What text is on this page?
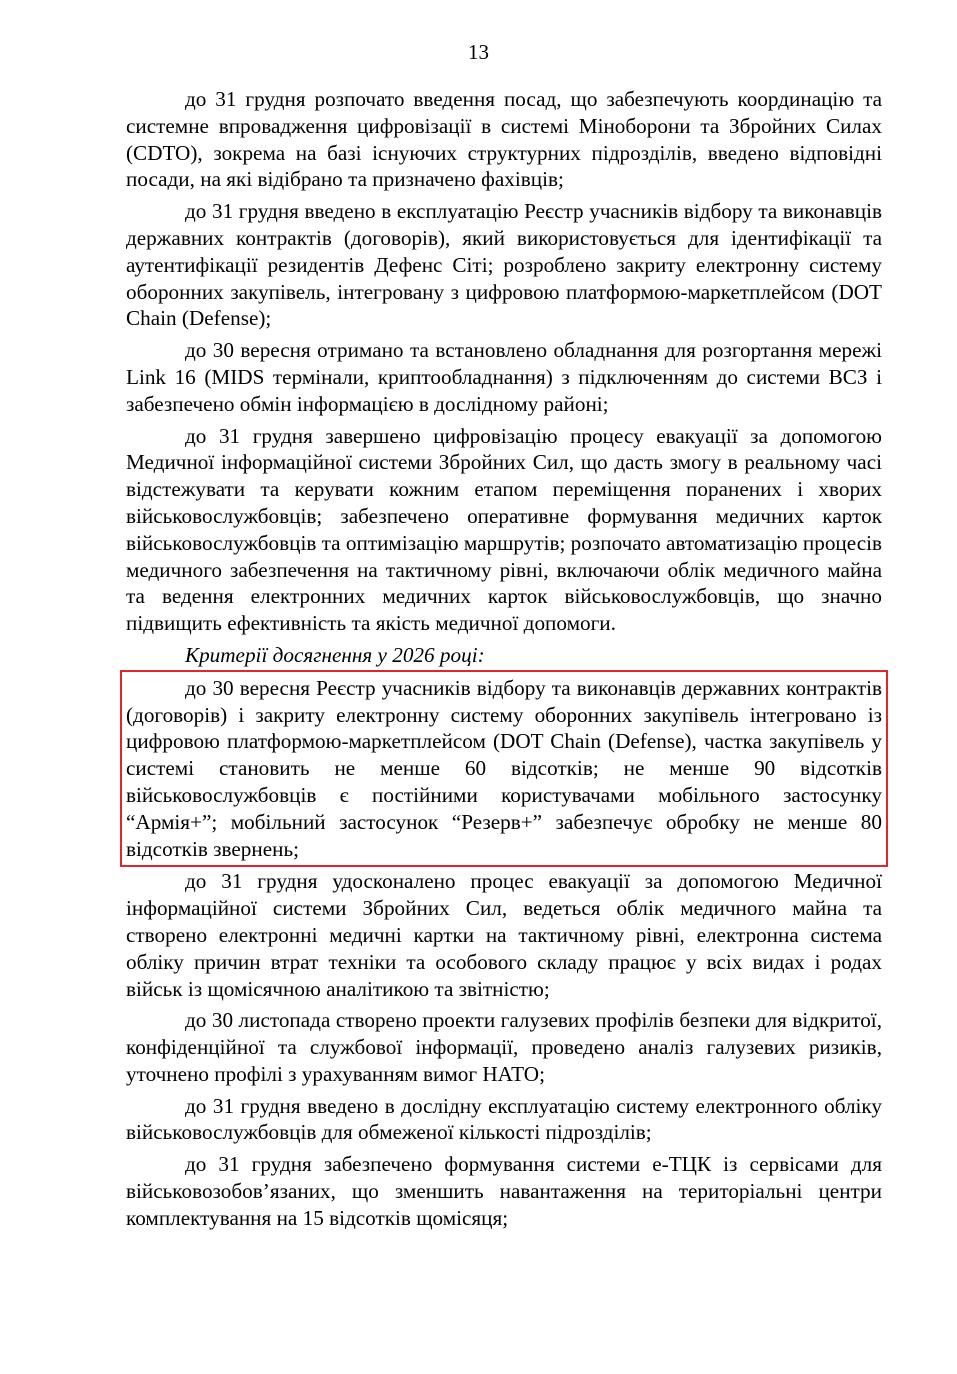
13

до 31 грудня розпочато введення посад, що забезпечують координацію та системне впровадження цифровізації в системі Міноборони та Збройних Силах (CDTO), зокрема на базі існуючих структурних підрозділів, введено відповідні посади, на які відібрано та призначено фахівців;

до 31 грудня введено в експлуатацію Реєстр учасників відбору та виконавців державних контрактів (договорів), який використовується для ідентифікації та аутентифікації резидентів Дефенс Сіті; розроблено закриту електронну систему оборонних закупівель, інтегровану з цифровою платформою-маркетплейсом (DOT Chain (Defense);

до 30 вересня отримано та встановлено обладнання для розгортання мережі Link 16 (MIDS термінали, криптообладнання) з підключенням до системи ВСЗ і забезпечено обмін інформацією в дослідному районі;

до 31 грудня завершено цифровізацію процесу евакуації за допомогою Медичної інформаційної системи Збройних Сил, що дасть змогу в реальному часі відстежувати та керувати кожним етапом переміщення поранених і хворих військовослужбовців; забезпечено оперативне формування медичних карток військовослужбовців та оптимізацію маршрутів; розпочато автоматизацію процесів медичного забезпечення на тактичному рівні, включаючи облік медичного майна та ведення електронних медичних карток військовослужбовців, що значно підвищить ефективність та якість медичної допомоги.

Критерії досягнення у 2026 році:

до 30 вересня Реєстр учасників відбору та виконавців державних контрактів (договорів) і закриту електронну систему оборонних закупівель інтегровано із цифровою платформою-маркетплейсом (DOT Chain (Defense), частка закупівель у системі становить не менше 60 відсотків; не менше 90 відсотків військовослужбовців є постійними користувачами мобільного застосунку “Армія+”; мобільний застосунок “Резерв+” забезпечує обробку не менше 80 відсотків звернень;

до 31 грудня удосконалено процес евакуації за допомогою Медичної інформаційної системи Збройних Сил, ведеться облік медичного майна та створено електронні медичні картки на тактичному рівні, електронна система обліку причин втрат техніки та особового складу працює у всіх видах і родах військ із щомісячною аналітикою та звітністю;

до 30 листопада створено проекти галузевих профілів безпеки для відкритої, конфіденційної та службової інформації, проведено аналіз галузевих ризиків, уточнено профілі з урахуванням вимог НАТО;

до 31 грудня введено в дослідну експлуатацію систему електронного обліку військовослужбовців для обмеженої кількості підрозділів;

до 31 грудня забезпечено формування системи е-ТЦК із сервісами для військовозобов’язаних, що зменшить навантаження на територіальні центри комплектування на 15 відсотків щомісяця;
